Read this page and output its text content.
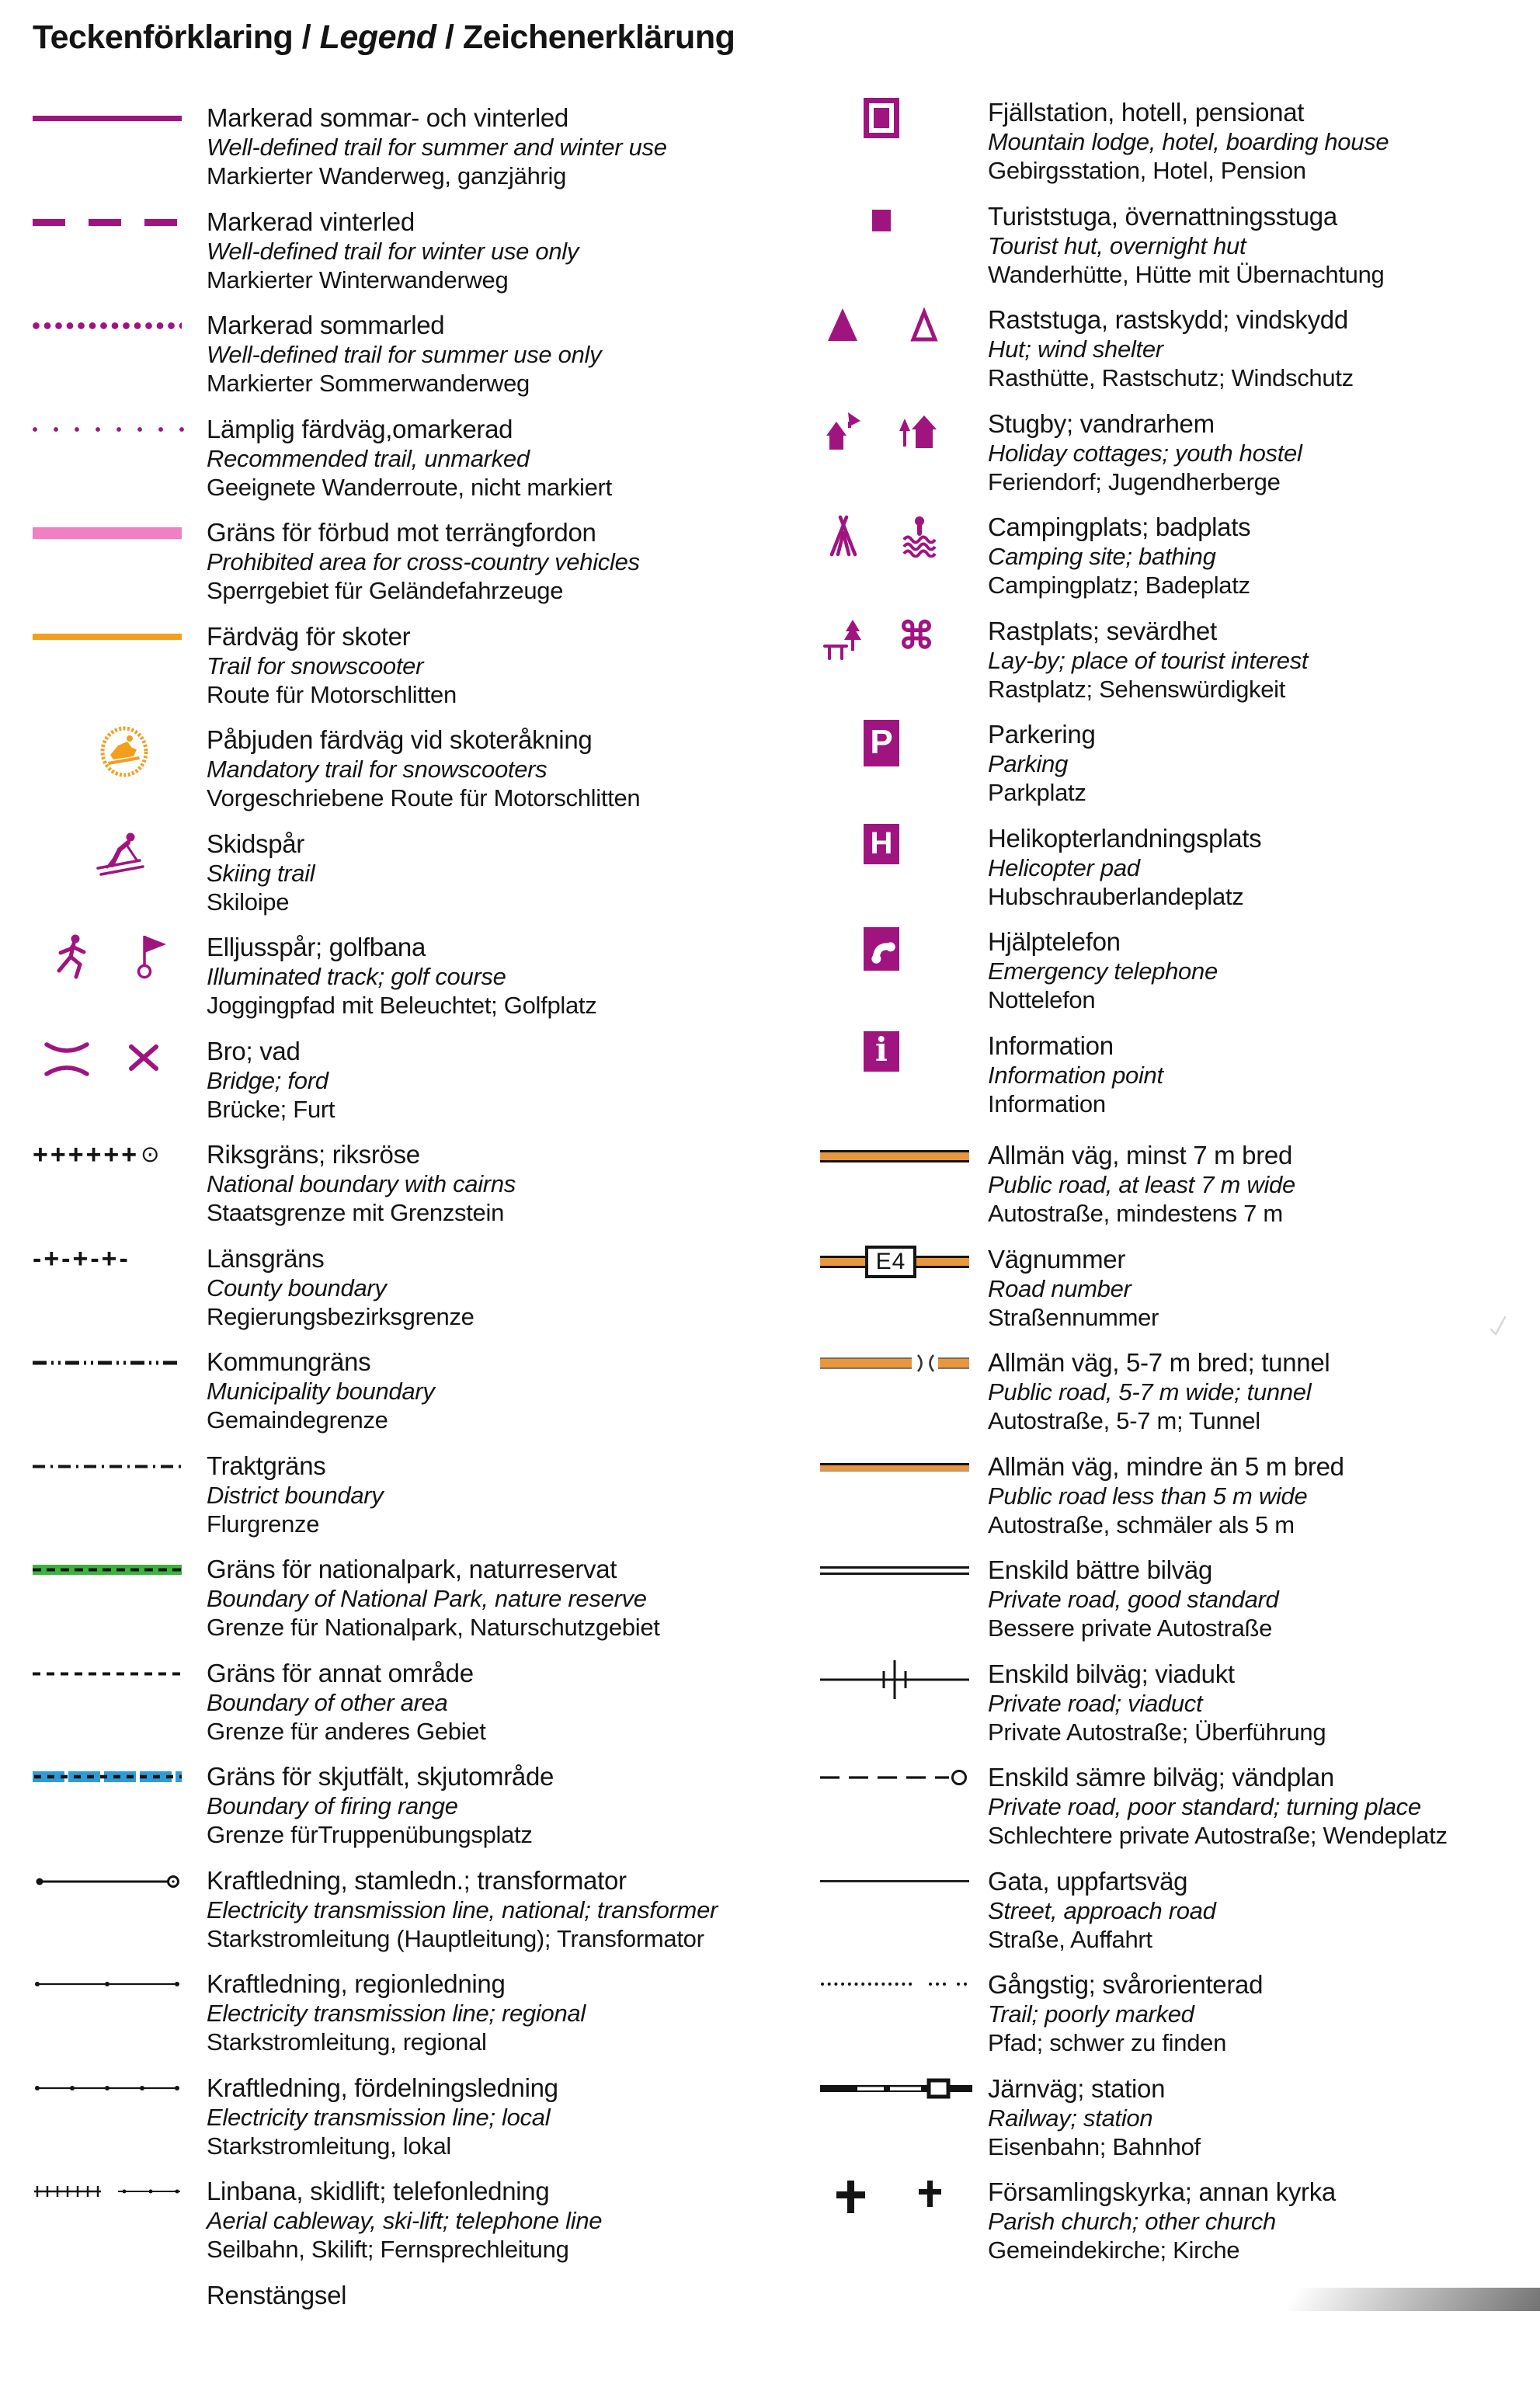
Teckenförklaring / Legend / Zeichenerklärung
Markerad sommar- och vinterled
Well-defined trail for summer and winter use
Markierter Wanderweg, ganzjährig
Markerad vinterled
Well-defined trail for winter use only
Markierter Winterwanderweg
Markerad sommarled
Well-defined trail for summer use only
Markierter Sommerwanderweg
Lämplig färdväg,omarkerad
Recommended trail, unmarked
Geeignete Wanderroute, nicht markiert
Gräns för förbud mot terrängfordon
Prohibited area for cross-country vehicles
Sperrgebiet für Geländefahrzeuge
Färdväg för skoter
Trail for snowscooter
Route für Motorschlitten
Påbjuden färdväg vid skoteråkning
Mandatory trail for snowscooters
Vorgeschriebene Route für Motorschlitten
Skidspår
Skiing trail
Skiloipe
Elljusspår; golfbana
Illuminated track; golf course
Joggingpfad mit Beleuchtet; Golfplatz
Bro; vad
Bridge; ford
Brücke; Furt
++++++ ⊙ Riksgräns; riksröse
National boundary with cairns
Staatsgrenze mit Grenzstein
-+-+-+-	Länsgräns
County boundary
Regierungsbezirksgrenze
Kommungräns
Municipality boundary
Gemaindegrenze
Traktgräns
District boundary
Flurgrenze
Gräns för nationalpark, naturreservat
Boundary of National Park, nature reserve
Grenze für Nationalpark, Naturschutzgebiet
Gräns för annat område
Boundary of other area
Grenze für anderes Gebiet
Gräns för skjutfält, skjutområde
Boundary of firing range
Grenze fürTruppenübungsplatz
Kraftledning, stamledn.; transformator
Electricity transmission line, national; transformer
Starkstromleitung (Hauptleitung); Transformator
Kraftledning, regionledning
Electricity transmission line; regional
Starkstromleitung, regional
Kraftledning, fördelningsledning
Electricity transmission line; local
Starkstromleitung, lokal
Linbana, skidlift; telefonledning
Aerial cableway, ski-lift; telephone line
Seilbahn, Skilift; Fernsprechleitung
Renstängsel
Fjällstation, hotell, pensionat
Mountain lodge, hotel, boarding house
Gebirgsstation, Hotel, Pension
Turiststuga, övernattningsstuga
Tourist hut, overnight hut
Wanderhütte, Hütte mit Übernachtung
Raststuga, rastskydd; vindskydd
Hut; wind shelter
Rasthütte, Rastschutz; Windschutz
Stugby; vandrarhem
Holiday cottages; youth hostel
Feriendorf; Jugendherberge
Campingplats; badplats
Camping site; bathing
Campingplatz; Badeplatz
⌘ Rastplats; sevärdhet
Lay-by; place of tourist interest
Rastplatz; Sehenswürdigkeit
P	Parkering
Parking
Parkplatz
H	Helikopterlandningsplats
Helicopter pad
Hubschrauberlandeplatz
Hjälptelefon
Emergency telephone
Nottelefon
i	Information
Information point
Information
Allmän väg, minst 7 m bred
Public road, at least 7 m wide
Autostraße, mindestens 7 m
E4	Vägnummer
Road number
Straßennummer
Allmän väg, 5-7 m bred; tunnel
Public road, 5-7 m wide; tunnel
Autostraße, 5-7 m; Tunnel
Allmän väg, mindre än 5 m bred
Public road less than 5 m wide
Autostraße, schmäler als 5 m
Enskild bättre bilväg
Private road, good standard
Bessere private Autostraße
Enskild bilväg; viadukt
Private road; viaduct
Private Autostraße; Überführung
Enskild sämre bilväg; vändplan
Private road, poor standard; turning place
Schlechtere private Autostraße; Wendeplatz
Gata, uppfartsväg
Street, approach road
Straße, Auffahrt
Gångstig; svårorienterad
Trail; poorly marked
Pfad; schwer zu finden
Järnväg; station
Railway; station
Eisenbahn; Bahnhof
Församlingskyrka; annan kyrka
Parish church; other church
Gemeindekirche; Kirche
